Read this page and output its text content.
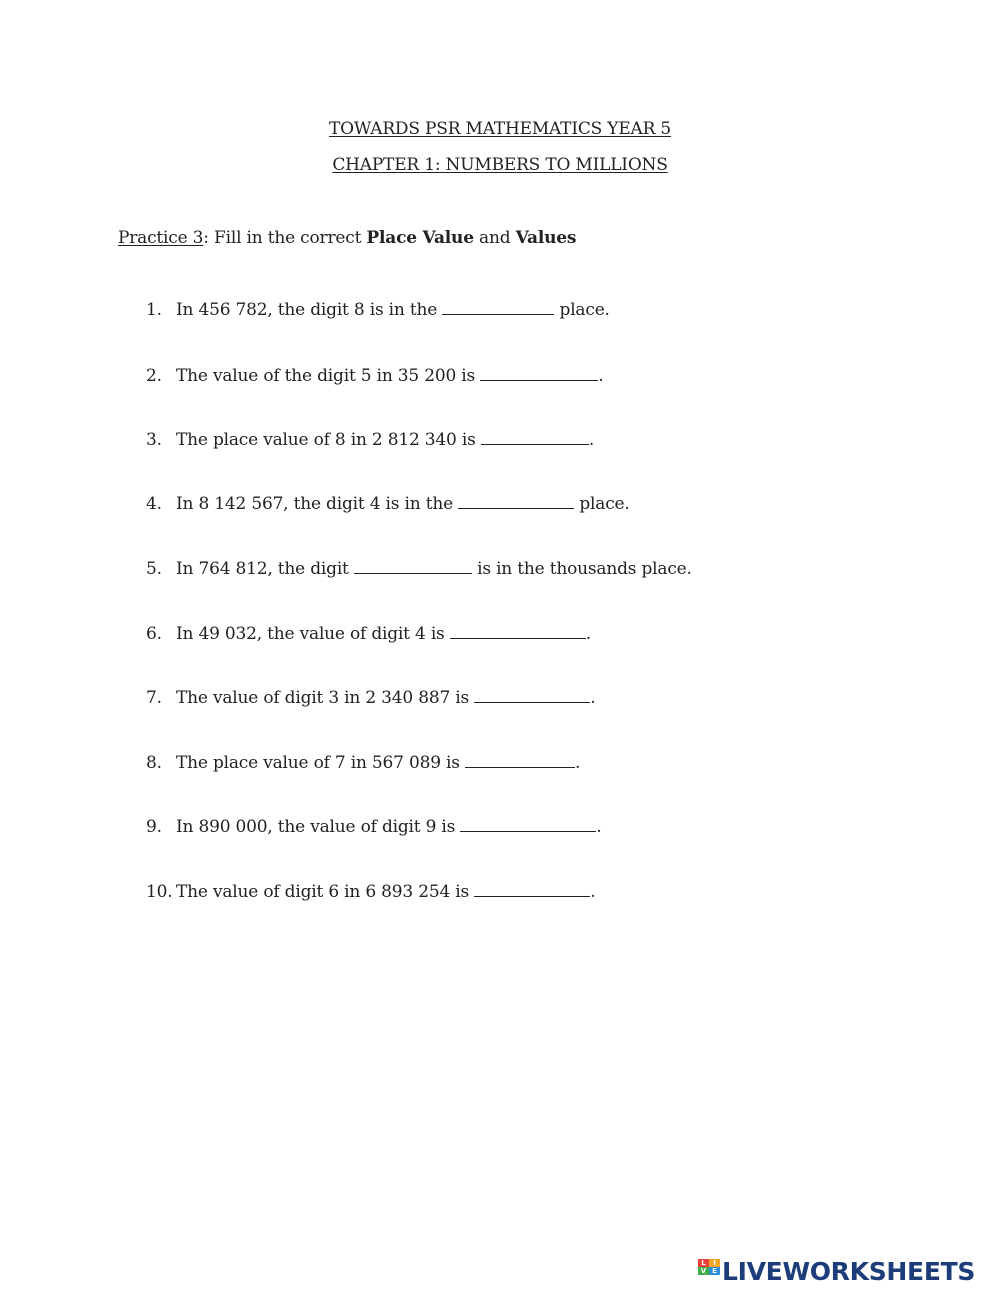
TOWARDS PSR MATHEMATICS YEAR 5
CHAPTER 1: NUMBERS TO MILLIONS
Practice 3: Fill in the correct Place Value and Values
1. In 456 782, the digit 8 is in the	place.
2. The value of the digit 5 in 35 200 is	.
3. The place value of 8 in 2 812 340 is	.
4. In 8 142 567, the digit 4 is in the	place.
5. In 764 812, the digit	is in the thousands place.
6. In 49 032, the value of digit 4 is	.
7. The value of digit 3 in 2 340 887 is	.
8. The place value of 7 in 567 089 is	.
9. In 890 000, the value of digit 9 is	.
10. The value of digit 6 in 6 893 254 is	.
L	I
V E LIVEWORKSHEETS
